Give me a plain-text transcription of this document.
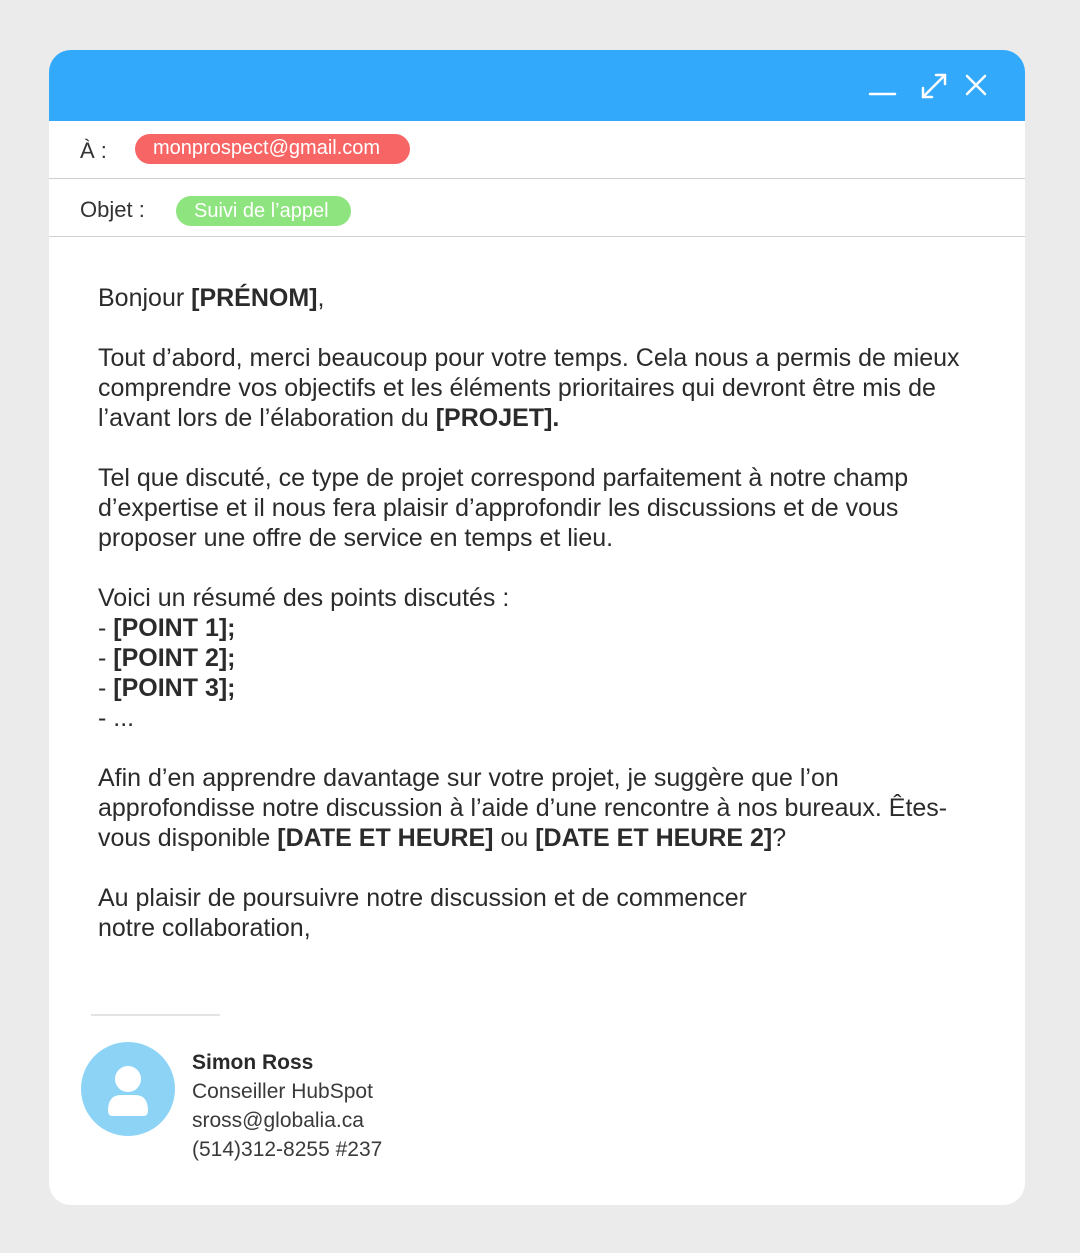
À :	monprospect@gmail.com
Objet :	Suivi de l’appel

Bonjour [PRÉNOM],

Tout d’abord, merci beaucoup pour votre temps. Cela nous a permis de mieux comprendre vos objectifs et les éléments prioritaires qui devront être mis de l’avant lors de l’élaboration du [PROJET].

Tel que discuté, ce type de projet correspond parfaitement à notre champ d’expertise et il nous fera plaisir d’approfondir les discussions et de vous proposer une offre de service en temps et lieu.

Voici un résumé des points discutés :

- [POINT 1];

- [POINT 2];

- [POINT 3];

- ...

Afin d’en apprendre davantage sur votre projet, je suggère que l’on approfondisse notre discussion à l’aide d’une rencontre à nos bureaux. Êtes-vous disponible [DATE ET HEURE] ou [DATE ET HEURE 2]?

Au plaisir de poursuivre notre discussion et de commencer notre collaboration,

Simon Ross
Conseiller HubSpot
sross@globalia.ca
(514)312-8255 #237
